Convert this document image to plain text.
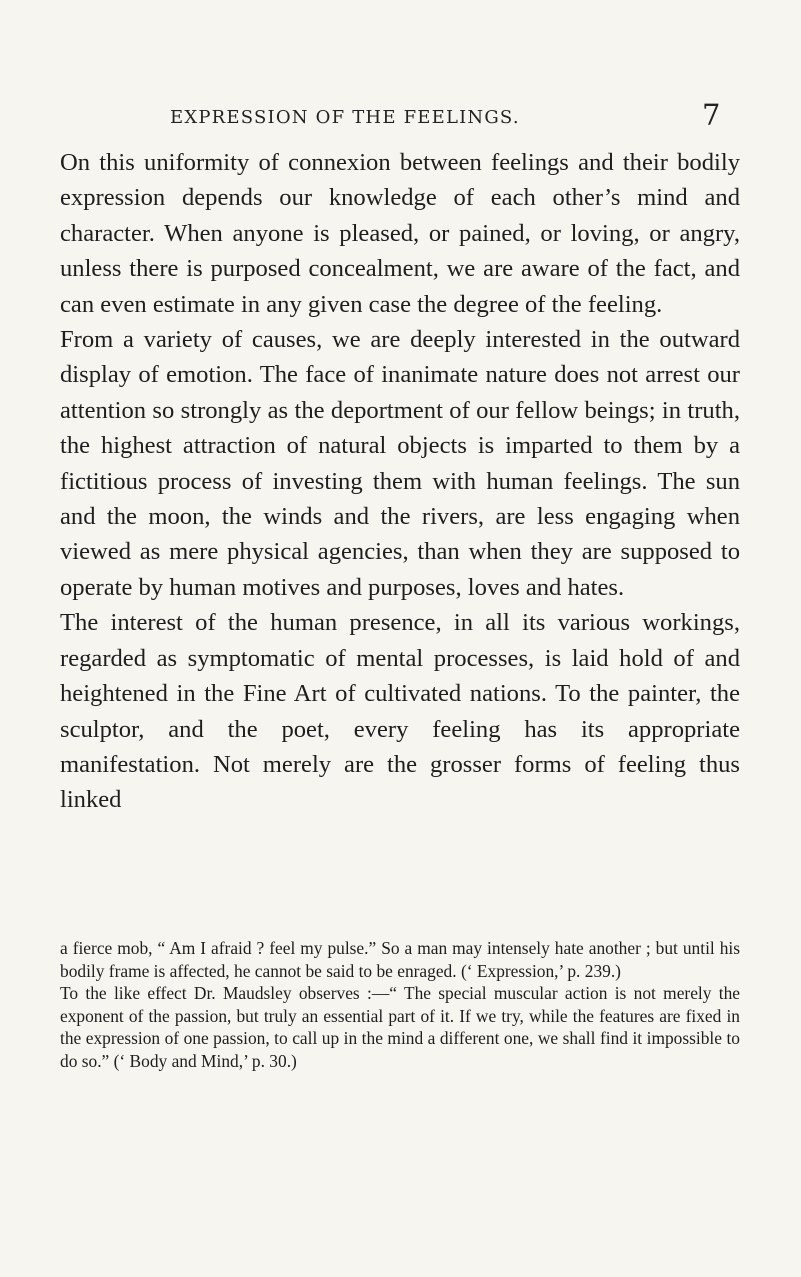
EXPRESSION OF THE FEELINGS.	7

On this uniformity of connexion between feelings and their bodily expression depends our knowledge of each other’s mind and character. When anyone is pleased, or pained, or loving, or angry, unless there is purposed concealment, we are aware of the fact, and can even estimate in any given case the degree of the feeling.

From a variety of causes, we are deeply interested in the outward display of emotion. The face of inanimate nature does not arrest our attention so strongly as the deportment of our fellow beings; in truth, the highest attraction of natural objects is imparted to them by a fictitious process of investing them with human feelings. The sun and the moon, the winds and the rivers, are less engaging when viewed as mere physical agencies, than when they are supposed to operate by human motives and purposes, loves and hates.

The interest of the human presence, in all its various workings, regarded as symptomatic of mental processes, is laid hold of and heightened in the Fine Art of cultivated nations. To the painter, the sculptor, and the poet, every feeling has its appropriate manifestation. Not merely are the grosser forms of feeling thus linked

a fierce mob, “ Am I afraid ? feel my pulse.” So a man may intensely hate another ; but until his bodily frame is affected, he cannot be said to be enraged. (‘ Expression,’ p. 239.)

To the like effect Dr. Maudsley observes :—“ The special muscular action is not merely the exponent of the passion, but truly an essential part of it. If we try, while the features are fixed in the expression of one passion, to call up in the mind a different one, we shall find it impossible to do so.” (‘ Body and Mind,’ p. 30.)
